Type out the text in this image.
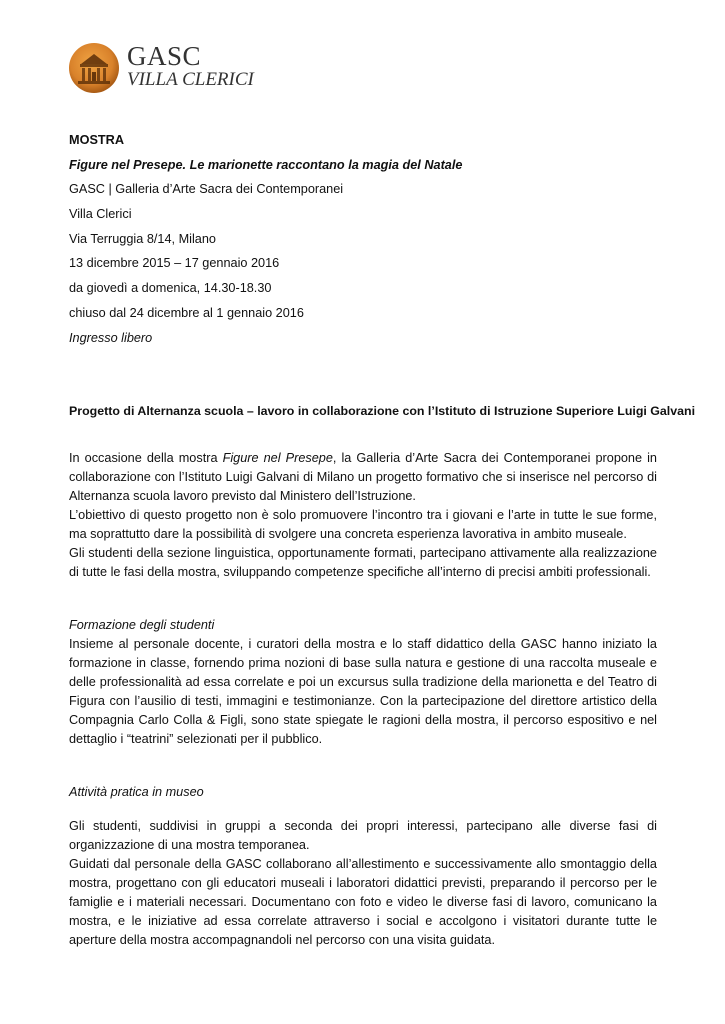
GASC
VILLA CLERICI
MOSTRA
Figure nel Presepe. Le marionette raccontano la magia del Natale
GASC | Galleria d’Arte Sacra dei Contemporanei
Villa Clerici
Via Terruggia 8/14, Milano
13 dicembre 2015 – 17 gennaio 2016
da giovedì a domenica, 14.30-18.30
chiuso dal 24 dicembre al 1 gennaio 2016
Ingresso libero
Progetto di Alternanza scuola – lavoro in collaborazione con l’Istituto di Istruzione Superiore Luigi Galvani

In occasione della mostra Figure nel Presepe, la Galleria d’Arte Sacra dei Contemporanei propone in collaborazione con l’Istituto Luigi Galvani di Milano un progetto formativo che si inserisce nel percorso di Alternanza scuola lavoro previsto dal Ministero dell’Istruzione.

L’obiettivo di questo progetto non è solo promuovere l’incontro tra i giovani e l’arte in tutte le sue forme, ma soprattutto dare la possibilità di svolgere una concreta esperienza lavorativa in ambito museale.

Gli studenti della sezione linguistica, opportunamente formati, partecipano attivamente alla realizzazione di tutte le fasi della mostra, sviluppando competenze specifiche all’interno di precisi ambiti professionali.

Formazione degli studenti

Insieme al personale docente, i curatori della mostra e lo staff didattico della GASC hanno iniziato la formazione in classe, fornendo prima nozioni di base sulla natura e gestione di una raccolta museale e delle professionalità ad essa correlate e poi un excursus sulla tradizione della marionetta e del Teatro di Figura con l’ausilio di testi, immagini e testimonianze. Con la partecipazione del direttore artistico della Compagnia Carlo Colla & Figli, sono state spiegate le ragioni della mostra, il percorso espositivo e nel dettaglio i “teatrini” selezionati per il pubblico.

Attività pratica in museo

Gli studenti, suddivisi in gruppi a seconda dei propri interessi, partecipano alle diverse fasi di organizzazione di una mostra temporanea.

Guidati dal personale della GASC collaborano all’allestimento e successivamente allo smontaggio della mostra, progettano con gli educatori museali i laboratori didattici previsti, preparando il percorso per le famiglie e i materiali necessari. Documentano con foto e video le diverse fasi di lavoro, comunicano la mostra, e le iniziative ad essa correlate attraverso i social e accolgono i visitatori durante tutte le aperture della mostra accompagnandoli nel percorso con una visita guidata.
